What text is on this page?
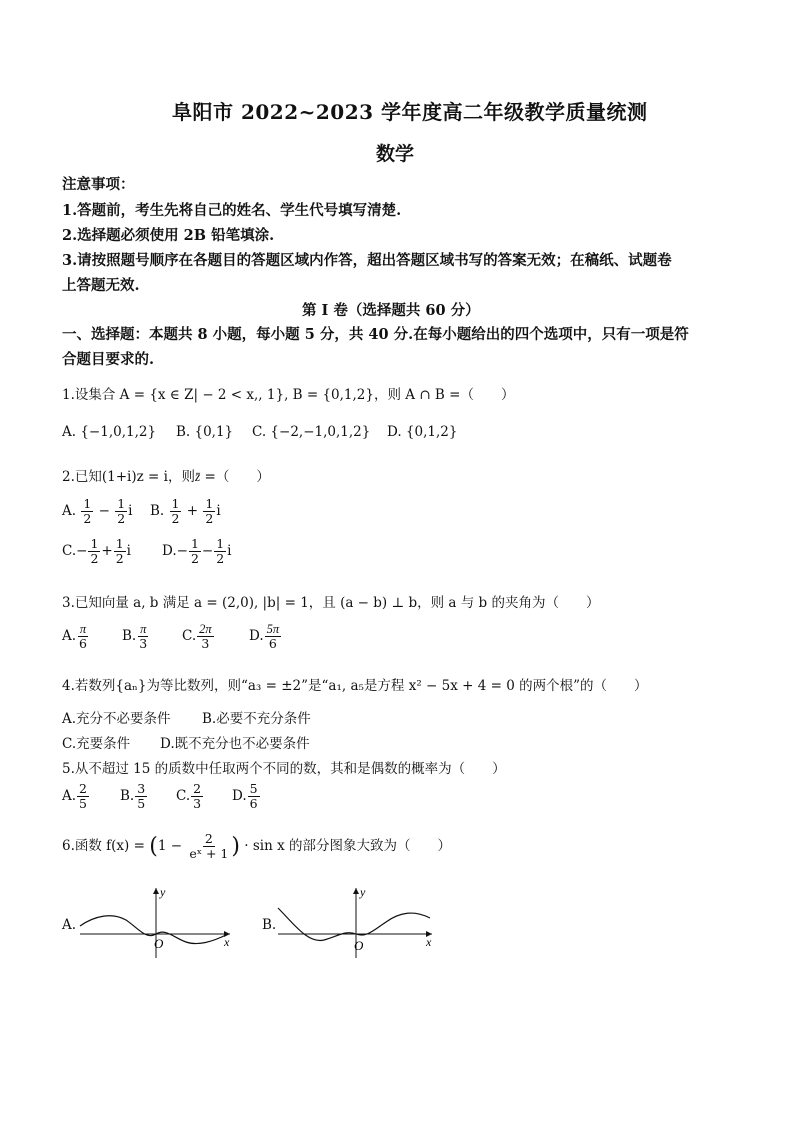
阜阳市 2022~2023 学年度高二年级教学质量统测
数学
注意事项：
1.答题前，考生先将自己的姓名、学生代号填写清楚.
2.选择题必须使用 2B 铅笔填涂.
3.请按照题号顺序在各题目的答题区域内作答，超出答题区域书写的答案无效；在稿纸、试题卷
上答题无效.
第 I 卷（选择题共 60 分）
一、选择题：本题共 8 小题，每小题 5 分，共 40 分.在每小题给出的四个选项中，只有一项是符
合题目要求的.
1.设集合 A = {x ∈ Z| − 2 < x,, 1}, B = {0,1,2}，则 A ∩ B =（　　）
A. {−1,0,1,2} B. {0,1} C. {−2,−1,0,1,2} D. {0,1,2}
2.已知(1+i)z = i，则z̄ =（　　）
A. $\frac{1}{2} - \frac{1}{2}$ i B. $\frac{1}{2} + \frac{1}{2}$ i
$C.- \frac{1}{2} + \frac{1}{2}$ i $D.- \frac{1}{2} - \frac{1}{2}$ i
3.已知向量 a, b 满足 a = (2,0), |b| = 1，且 (a − b) ⊥ b，则 a 与 b 的夹角为（　　）
A. $\frac{\pi}{6} B$. $\frac{\pi}{3} C$. $\frac{2\pi}{3}$	D. $\frac{5\pi}{6}$
4.若数列{aₙ}为等比数列，则“a₃ = ±2”是“a₁, a₅是方程 x² − 5x + 4 = 0 的两个根”的（　　）
A.充分不必要条件 B.必要不充分条件
C.充要条件 D.既不充分也不必要条件
5.从不超过 15 的质数中任取两个不同的数，其和是偶数的概率为（　　）
A. $\frac{2}{5} B$. $\frac{3}{5} C$. $\frac{2}{3} D$. $\frac{5}{6}$
6.函数 $f(x) = (1 - \frac{2}{\text{eˣ + 1}}$ ) · sin x 的部分图象大致为（　　）
A.
y
x
O
B.
y
x
O
